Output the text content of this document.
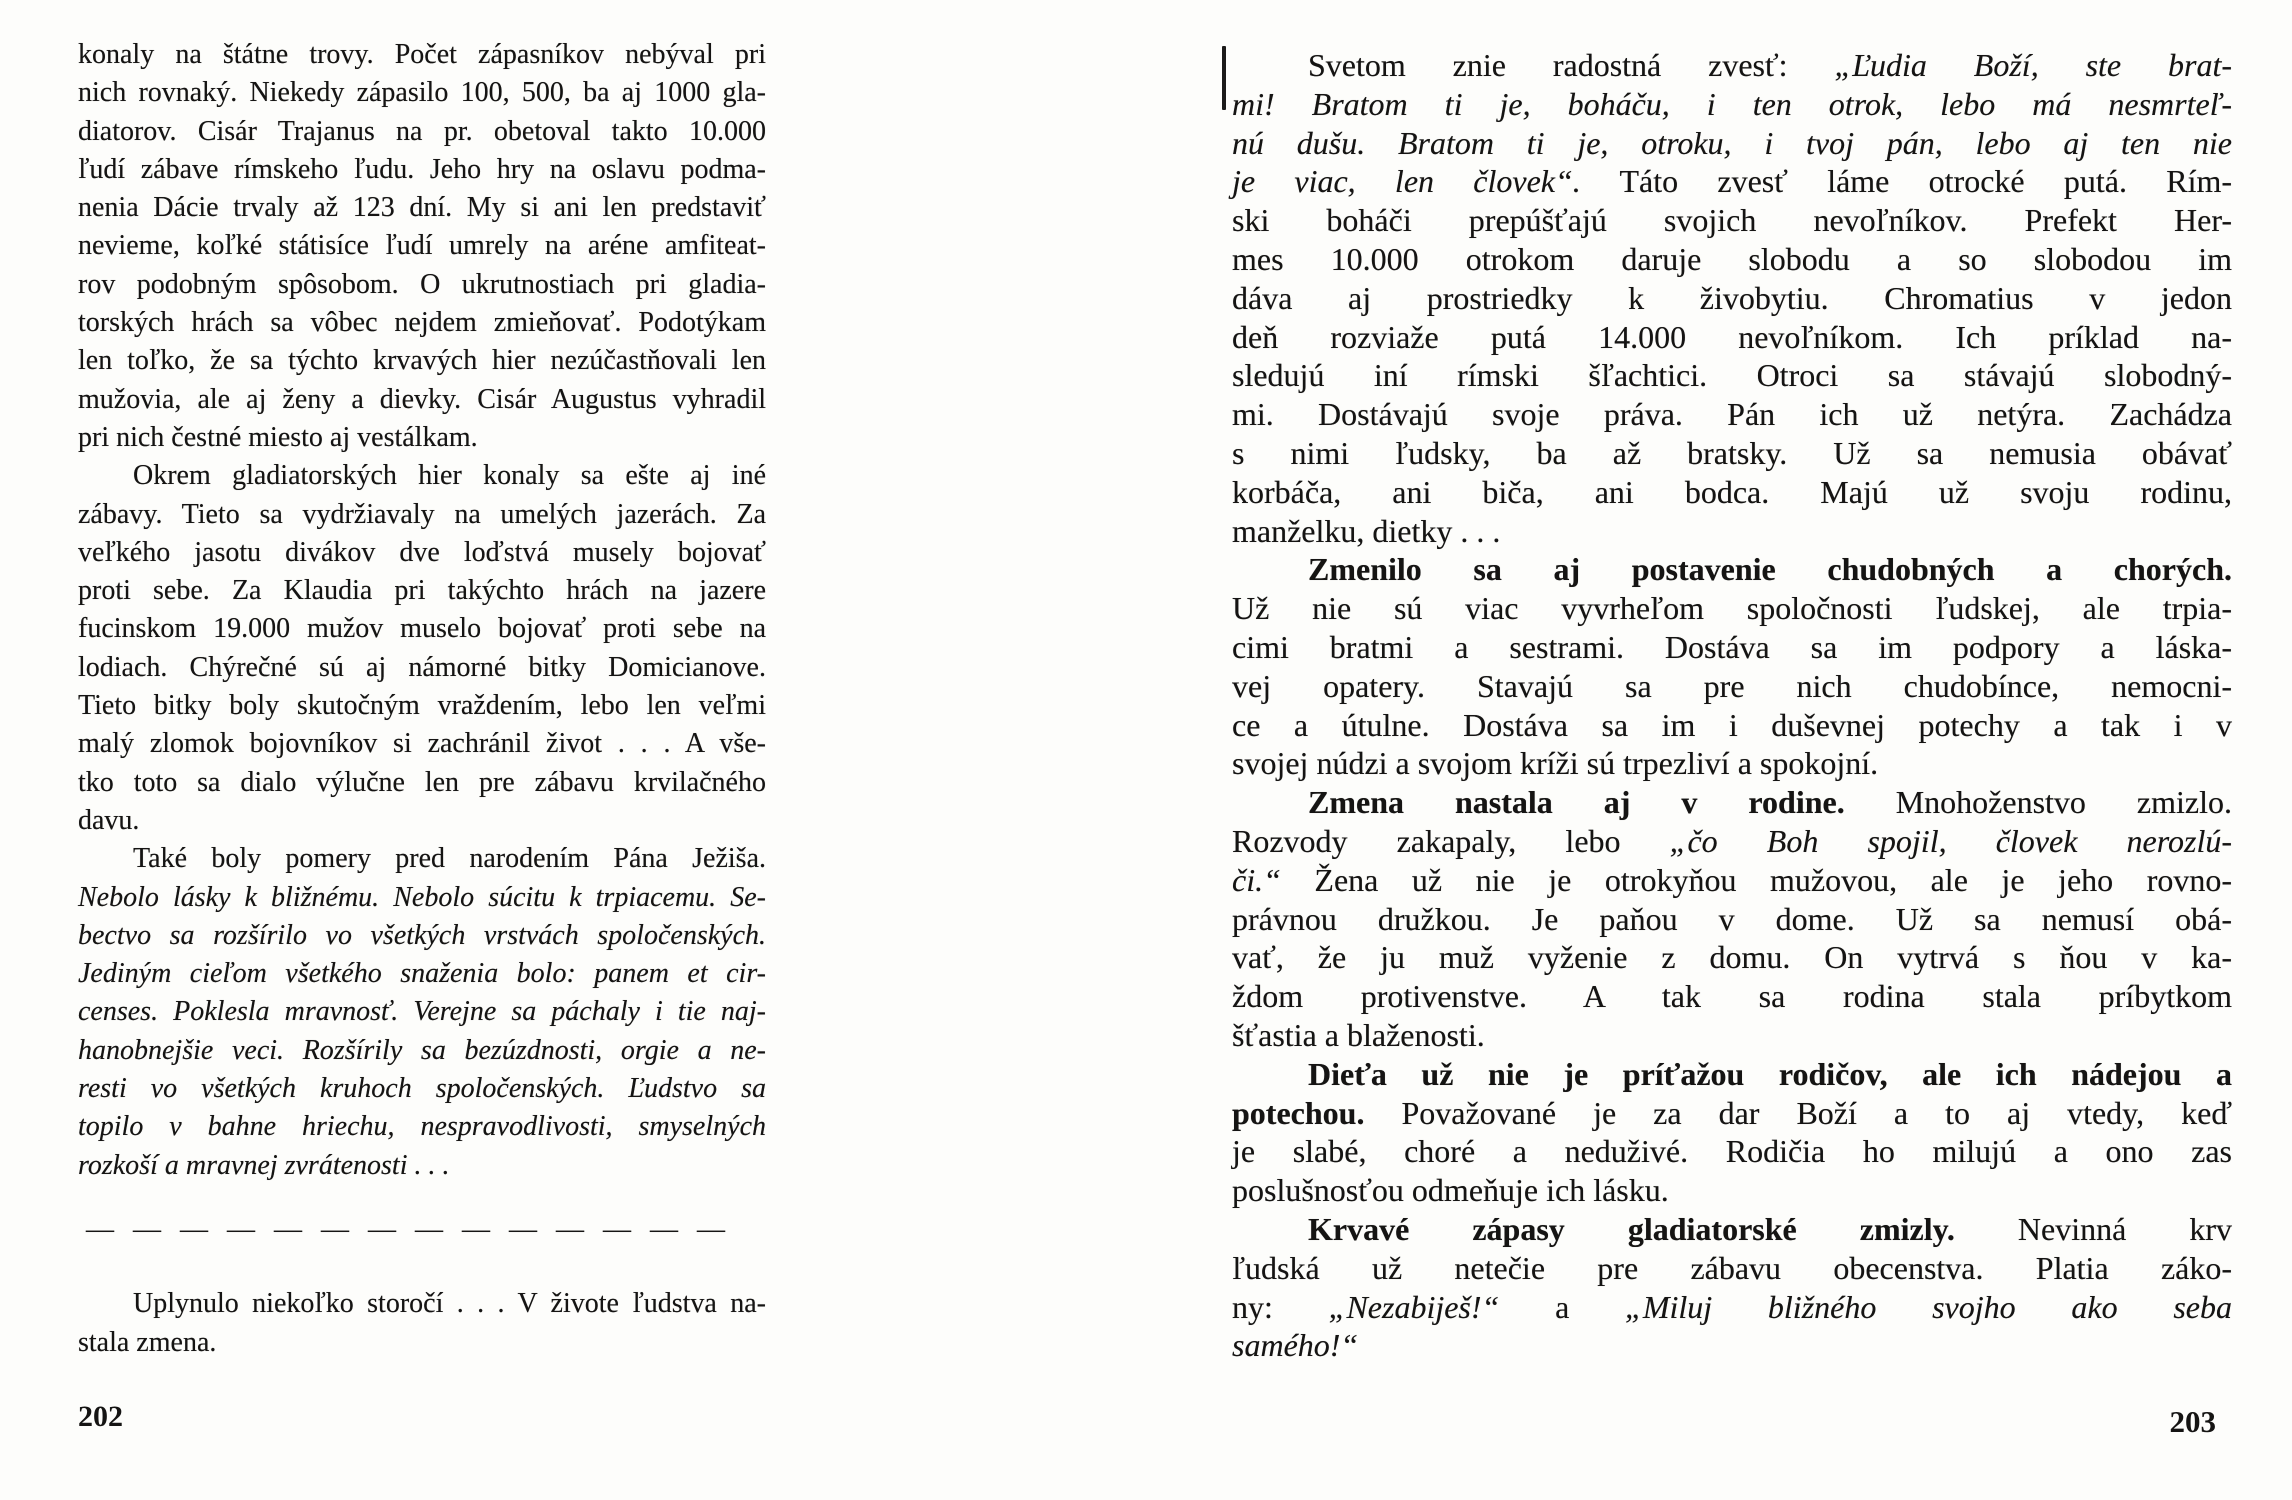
konaly na štátne trovy. Počet zápasníkov nebýval pri
nich rovnaký. Niekedy zápasilo 100, 500, ba aj 1000 gla-
diatorov. Cisár Trajanus na pr. obetoval takto 10.000
ľudí zábave rímskeho ľudu. Jeho hry na oslavu podma-
nenia Dácie trvaly až 123 dní. My si ani len predstaviť
nevieme, koľké státisíce ľudí umrely na aréne amfiteat-
rov podobným spôsobom. O ukrutnostiach pri gladia-
torských hrách sa vôbec nejdem zmieňovať. Podotýkam
len toľko, že sa týchto krvavých hier nezúčastňovali len
mužovia, ale aj ženy a dievky. Cisár Augustus vyhradil
pri nich čestné miesto aj vestálkam.
Okrem gladiatorských hier konaly sa ešte aj iné
zábavy. Tieto sa vydržiavaly na umelých jazerách. Za
veľkého jasotu divákov dve loďstvá musely bojovať
proti sebe. Za Klaudia pri takýchto hrách na jazere
fucinskom 19.000 mužov muselo bojovať proti sebe na
lodiach. Chýrečné sú aj námorné bitky Domicianove.
Tieto bitky boly skutočným vraždením, lebo len veľmi
malý zlomok bojovníkov si zachránil život . . . A vše-
tko toto sa dialo výlučne len pre zábavu krvilačného
davu.
Také boly pomery pred narodením Pána Ježiša.
Nebolo lásky k bližnému. Nebolo súcitu k trpiacemu. Se-
bectvo sa rozšírilo vo všetkých vrstvách spoločenských.
Jediným cieľom všetkého snaženia bolo: panem et cir-
censes. Poklesla mravnosť. Verejne sa páchaly i tie naj-
hanobnejšie veci. Rozšírily sa bezúzdnosti, orgie a ne-
resti vo všetkých kruhoch spoločenských. Ľudstvo sa
topilo v bahne hriechu, nespravodlivosti, smyselných
rozkoší a mravnej zvrátenosti . . .
— — — — — — — — — — — — — —
Uplynulo niekoľko storočí . . . V živote ľudstva na-
stala zmena.
202
Svetom znie radostná zvesť: „Ľudia Boží, ste brat-
mi! Bratom ti je, boháču, i ten otrok, lebo má nesmrteľ-
nú dušu. Bratom ti je, otroku, i tvoj pán, lebo aj ten nie
je viac, len človek“. Táto zvesť láme otrocké putá. Rím-
ski boháči prepúšťajú svojich nevoľníkov. Prefekt Her-
mes 10.000 otrokom daruje slobodu a so slobodou im
dáva aj prostriedky k živobytiu. Chromatius v jedon
deň rozviaže putá 14.000 nevoľníkom. Ich príklad na-
sledujú iní rímski šľachtici. Otroci sa stávajú slobodný-
mi. Dostávajú svoje práva. Pán ich už netýra. Zachádza
s nimi ľudsky, ba až bratsky. Už sa nemusia obávať
korbáča, ani biča, ani bodca. Majú už svoju rodinu,
manželku, dietky . . .
Zmenilo sa aj postavenie chudobných a chorých.
Už nie sú viac vyvrheľom spoločnosti ľudskej, ale trpia-
cimi bratmi a sestrami. Dostáva sa im podpory a láska-
vej opatery. Stavajú sa pre nich chudobínce, nemocni-
ce a útulne. Dostáva sa im i duševnej potechy a tak i v
svojej núdzi a svojom kríži sú trpezliví a spokojní.
Zmena nastala aj v rodine. Mnohoženstvo zmizlo.
Rozvody zakapaly, lebo „čo Boh spojil, človek nerozlú-
či.“ Žena už nie je otrokyňou mužovou, ale je jeho rovno-
právnou družkou. Je paňou v dome. Už sa nemusí obá-
vať, že ju muž vyženie z domu. On vytrvá s ňou v ka-
ždom protivenstve. A tak sa rodina stala príbytkom
šťastia a blaženosti.
Dieťa už nie je príťažou rodičov, ale ich nádejou a
potechou. Považované je za dar Boží a to aj vtedy, keď
je slabé, choré a neduživé. Rodičia ho milujú a ono zas
poslušnosťou odmeňuje ich lásku.
Krvavé zápasy gladiatorské zmizly. Nevinná krv
ľudská už netečie pre zábavu obecenstva. Platia záko-
ny: „Nezabiješ!“ a „Miluj bližného svojho ako seba
samého!“
203
